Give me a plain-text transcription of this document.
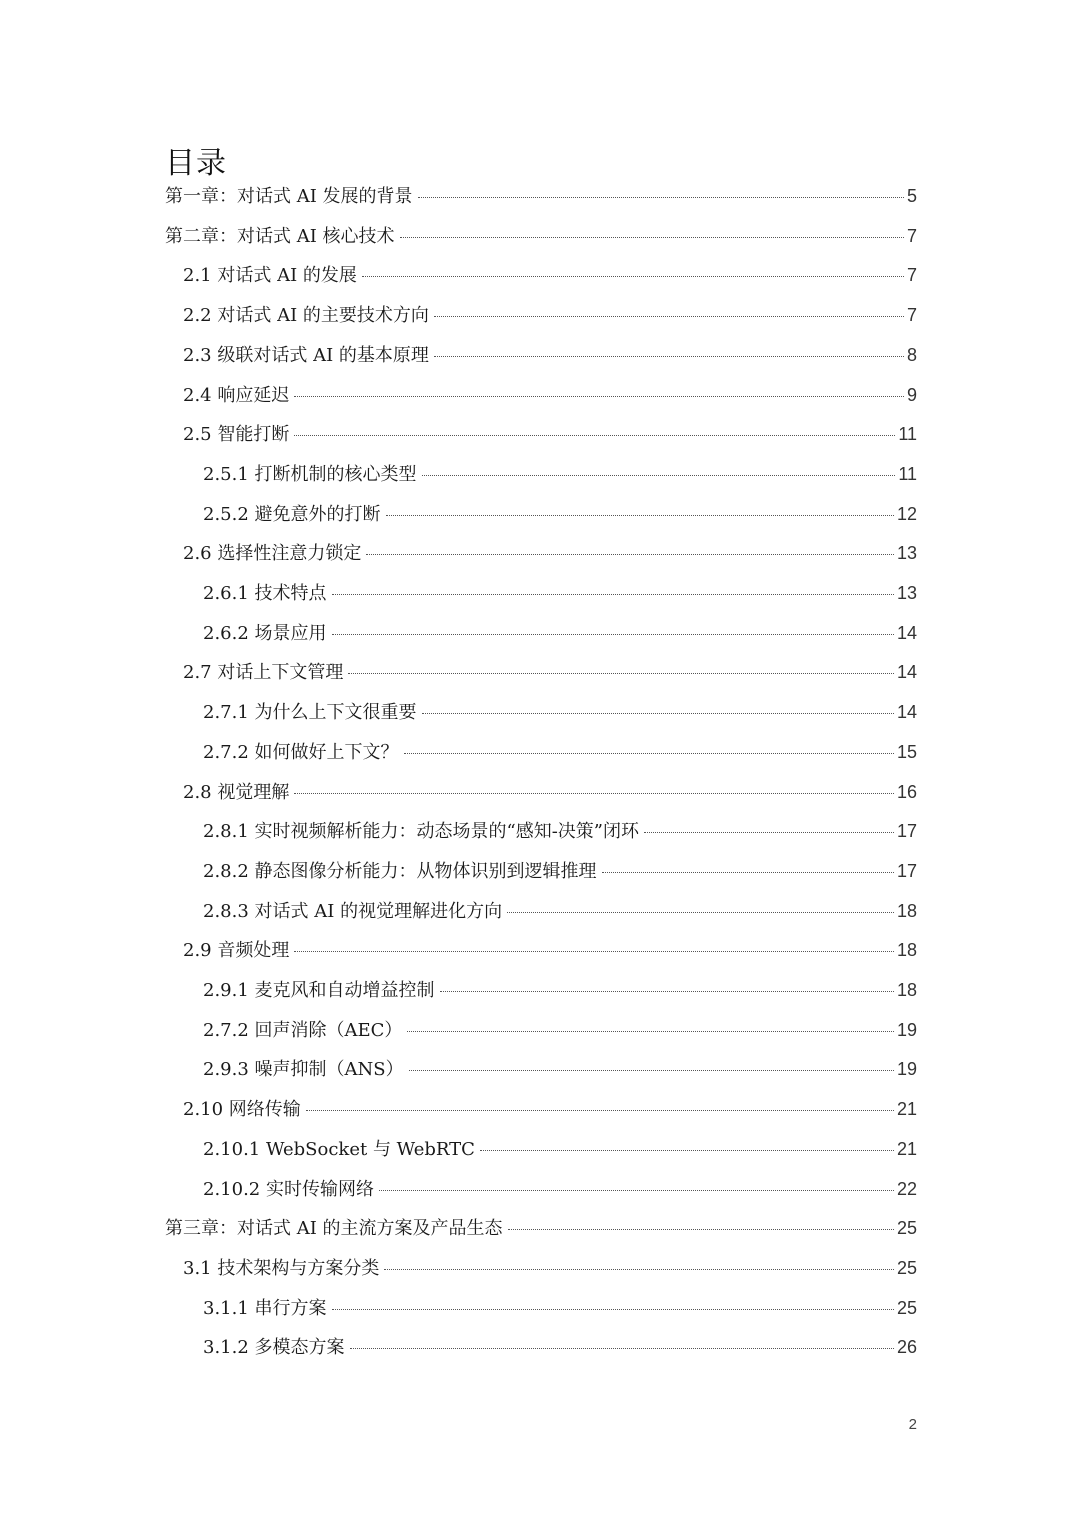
目录
第一章：对话式 AI 发展的背景	5
第二章：对话式 AI 核心技术	7
2.1 对话式 AI 的发展	7
2.2 对话式 AI 的主要技术方向	7
2.3 级联对话式 AI 的基本原理	8
2.4 响应延迟	9
2.5 智能打断	11
2.5.1 打断机制的核心类型	11
2.5.2 避免意外的打断	12
2.6 选择性注意力锁定	13
2.6.1 技术特点	13
2.6.2 场景应用	14
2.7 对话上下文管理	14
2.7.1 为什么上下文很重要	14
2.7.2 如何做好上下文？	15
2.8 视觉理解	16
2.8.1 实时视频解析能力：动态场景的“感知-决策”闭环	17
2.8.2 静态图像分析能力：从物体识别到逻辑推理	17
2.8.3 对话式 AI 的视觉理解进化方向	18
2.9 音频处理	18
2.9.1 麦克风和自动增益控制	18
2.7.2 回声消除（AEC）	19
2.9.3 噪声抑制（ANS）	19
2.10 网络传输	21
2.10.1 WebSocket 与 WebRTC	21
2.10.2 实时传输网络	22
第三章：对话式 AI 的主流方案及产品生态	25
3.1 技术架构与方案分类	25
3.1.1 串行方案	25
3.1.2 多模态方案	26
2
